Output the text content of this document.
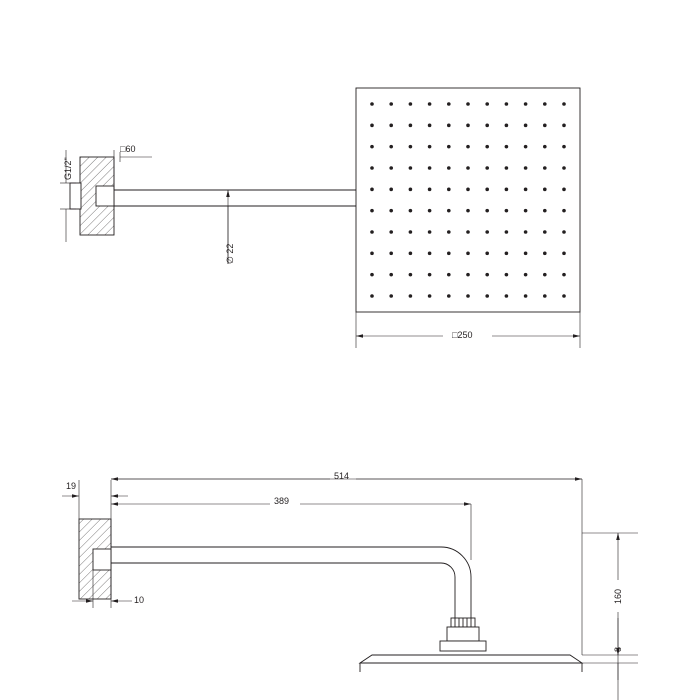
G1/2"
□60
∅ 22
□250
19
514
389
10	160
8
